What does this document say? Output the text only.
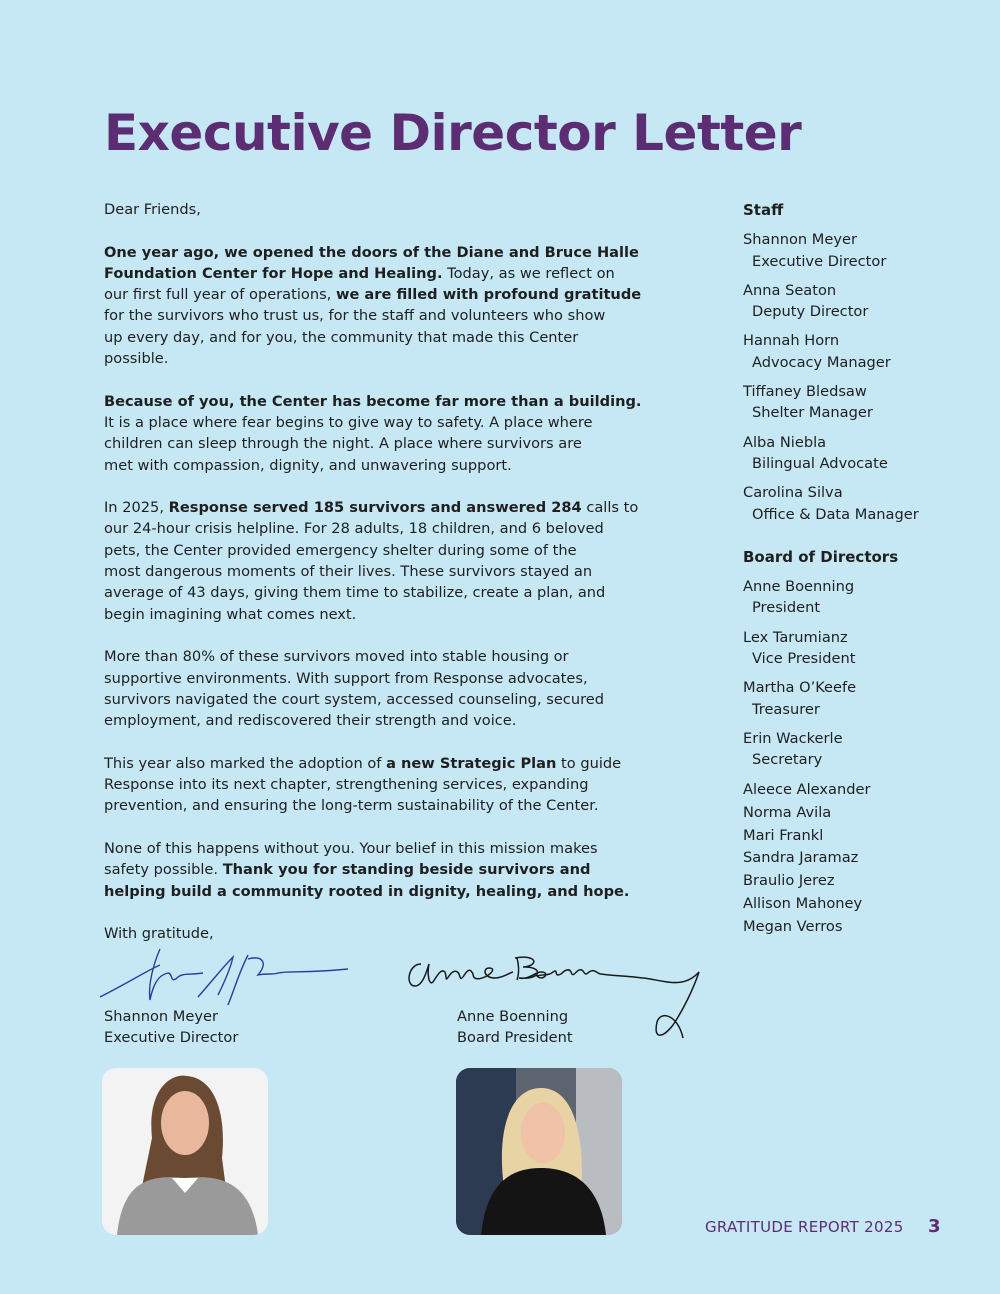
Executive Director Letter

Dear Friends,

One year ago, we opened the doors of the Diane and Bruce Halle
Foundation Center for Hope and Healing. Today, as we reflect on
our first full year of operations, we are filled with profound gratitude
for the survivors who trust us, for the staff and volunteers who show
up every day, and for you, the community that made this Center
possible.

Because of you, the Center has become far more than a building.
It is a place where fear begins to give way to safety. A place where
children can sleep through the night. A place where survivors are
met with compassion, dignity, and unwavering support.

In 2025, Response served 185 survivors and answered 284 calls to
our 24-hour crisis helpline. For 28 adults, 18 children, and 6 beloved
pets, the Center provided emergency shelter during some of the
most dangerous moments of their lives. These survivors stayed an
average of 43 days, giving them time to stabilize, create a plan, and
begin imagining what comes next.

More than 80% of these survivors moved into stable housing or
supportive environments. With support from Response advocates,
survivors navigated the court system, accessed counseling, secured
employment, and rediscovered their strength and voice.

This year also marked the adoption of a new Strategic Plan to guide
Response into its next chapter, strengthening services, expanding
prevention, and ensuring the long-term sustainability of the Center.

None of this happens without you. Your belief in this mission makes
safety possible. Thank you for standing beside survivors and
helping build a community rooted in dignity, healing, and hope.

With gratitude,

Shannon Meyer
Executive Director
Anne Boenning
Board President
Staff
Shannon Meyer
Executive Director
Anna Seaton
Deputy Director
Hannah Horn
Advocacy Manager
Tiffaney Bledsaw
Shelter Manager
Alba Niebla
Bilingual Advocate
Carolina Silva
Office & Data Manager
Board of Directors
Anne Boenning
President
Lex Tarumianz
Vice President
Martha O’Keefe
Treasurer
Erin Wackerle
Secretary
Aleece Alexander
Norma Avila
Mari Frankl
Sandra Jaramaz
Braulio Jerez
Allison Mahoney
Megan Verros
GRATITUDE REPORT 2025 3
